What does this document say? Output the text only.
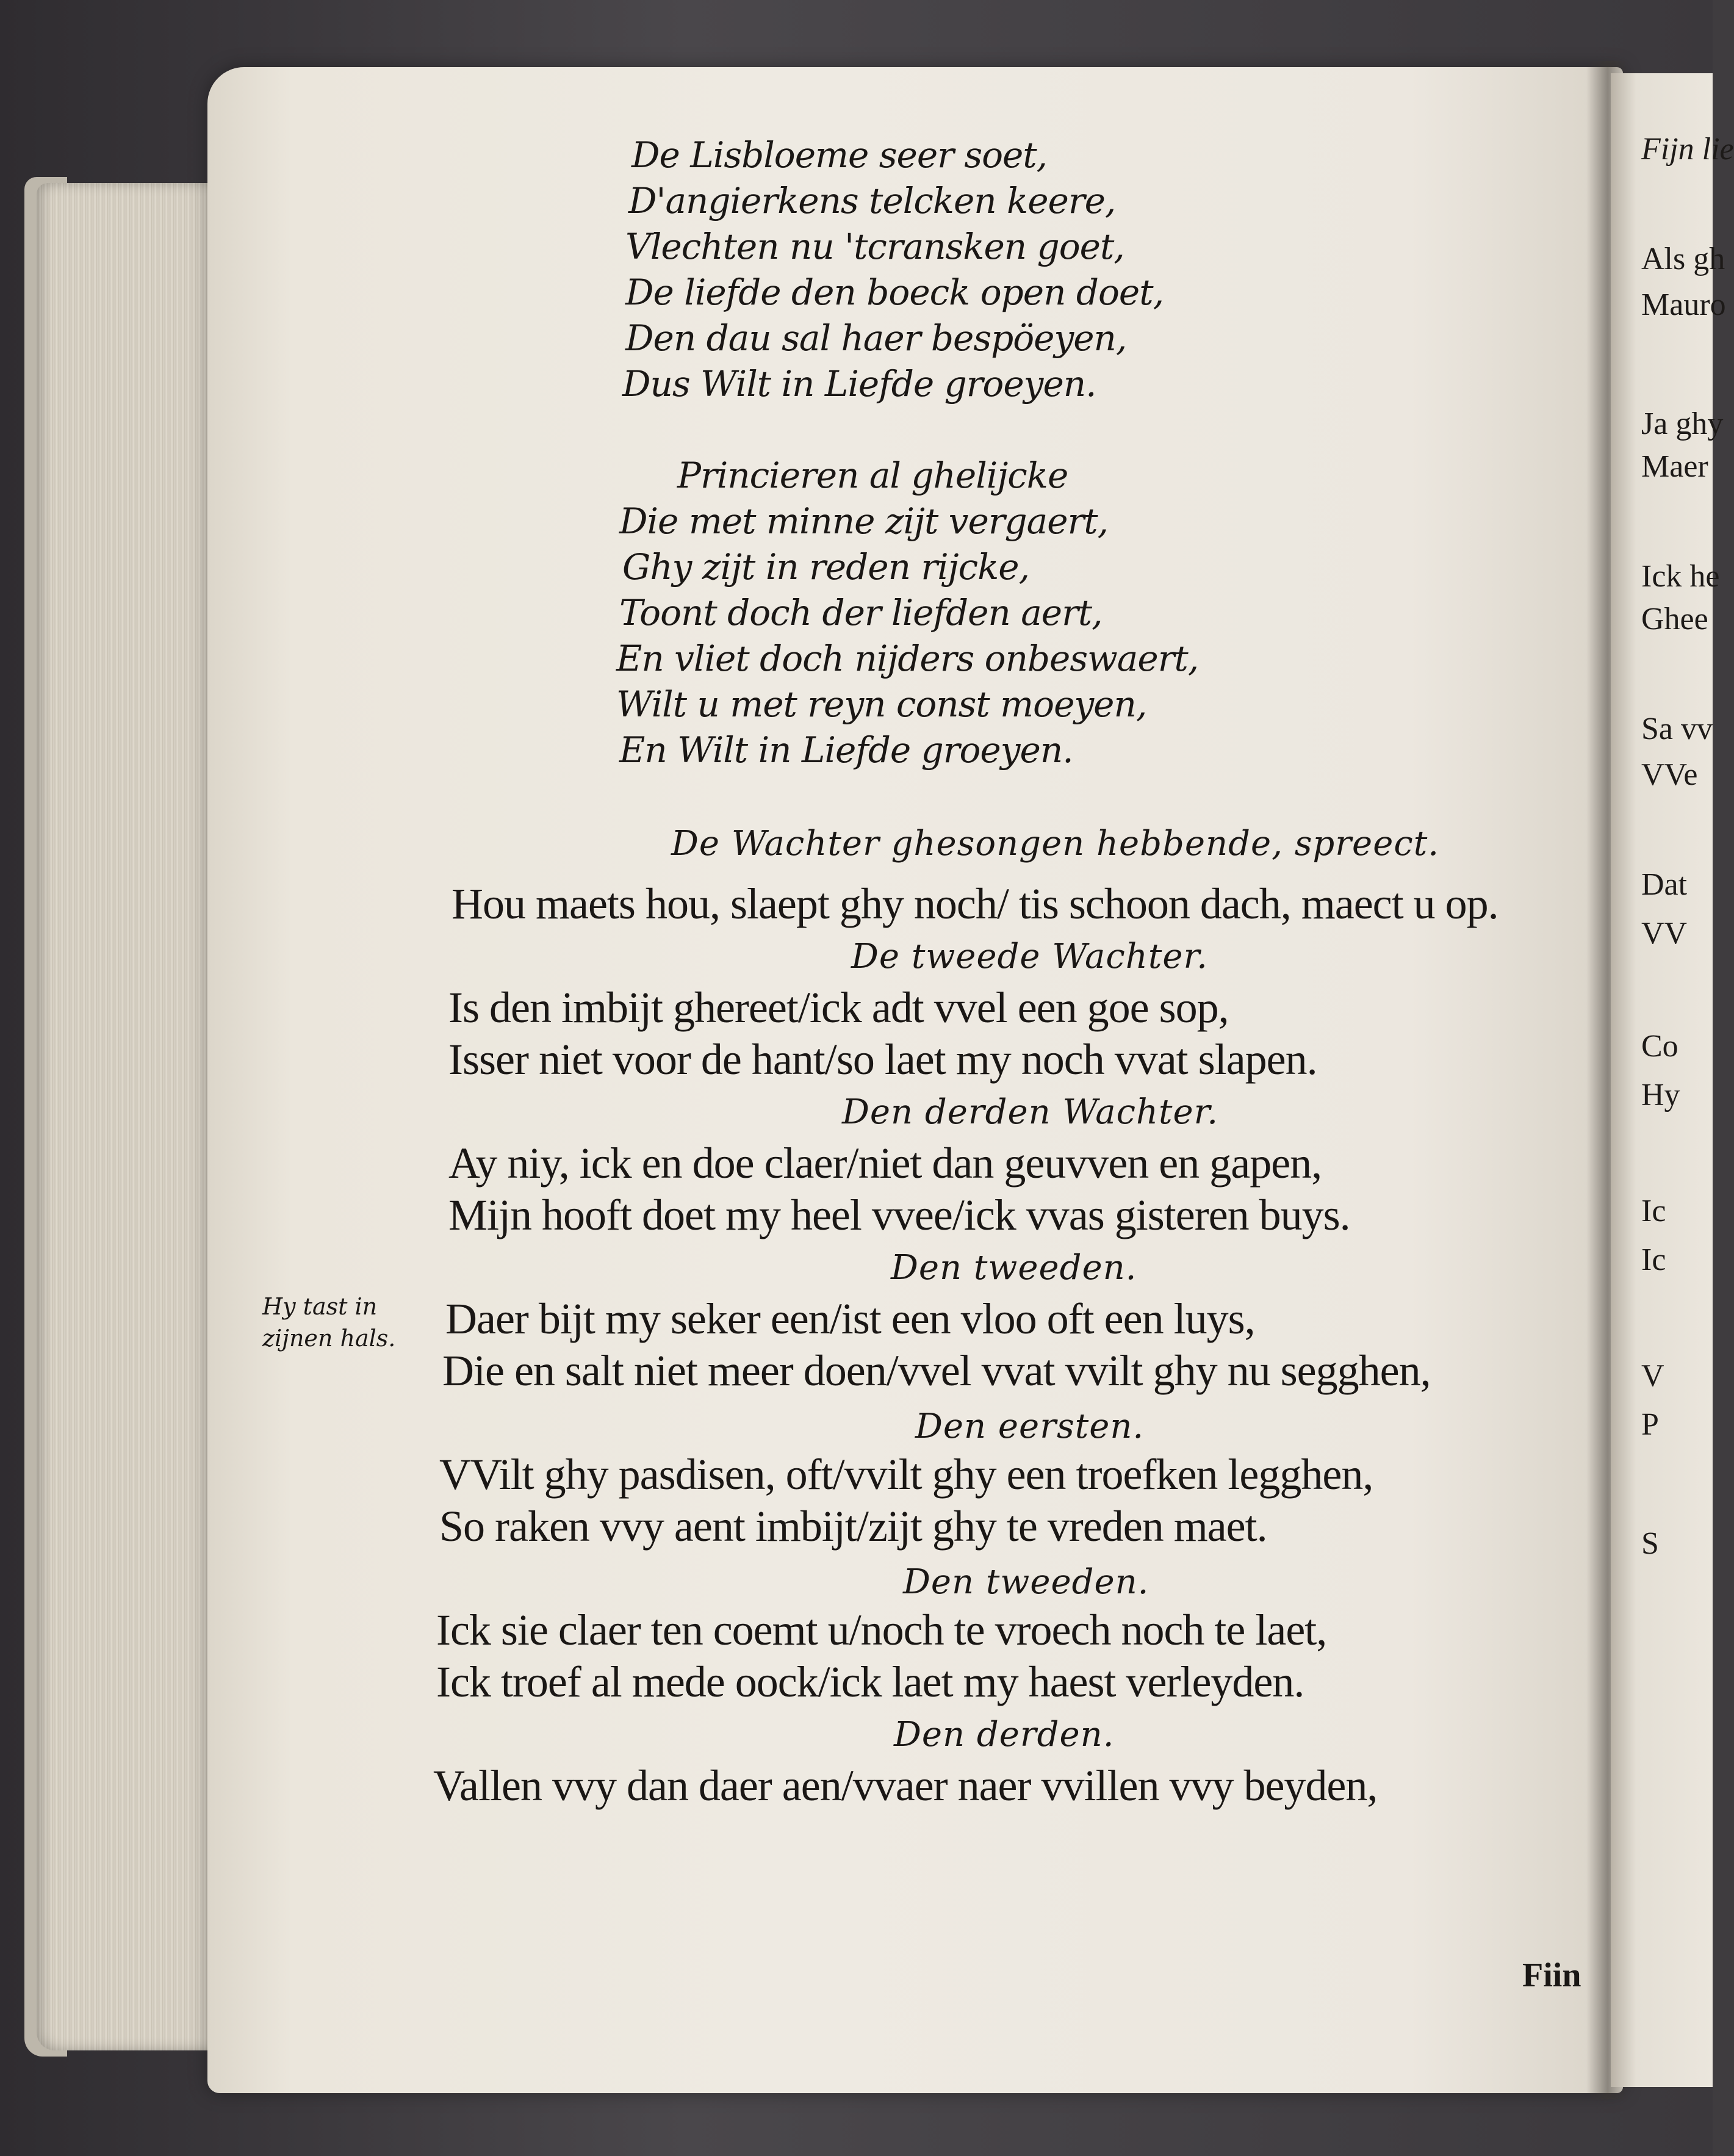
De Lisbloeme seer soet,
D'angierkens telcken keere,
Vlechten nu 'tcransken goet,
De liefde den boeck open doet,
Den dau sal haer bespöeyen,
Dus Wilt in Liefde groeyen.
Princieren al ghelijcke
Die met minne zijt vergaert,
Ghy zijt in reden rijcke,
Toont doch der liefden aert,
En vliet doch nijders onbeswaert,
Wilt u met reyn const moeyen,
En Wilt in Liefde groeyen.
De Wachter ghesongen hebbende, spreect.
Hou maets hou, slaept ghy noch/ tis schoon dach, maect u op.
De tweede Wachter.
Is den imbijt ghereet/ick adt vvel een goe sop,
Isser niet voor de hant/so laet my noch vvat slapen.
Den derden Wachter.
Ay niy, ick en doe claer/niet dan geuvven en gapen,
Mijn hooft doet my heel vvee/ick vvas gisteren buys.
Den tweeden.
Hy tast in
zijnen hals. Daer bijt my seker een/ist een vloo oft een luys,
Die en salt niet meer doen/vvel vvat vvilt ghy nu segghen,
Den eersten.
VVilt ghy pasdisen, oft/vvilt ghy een troefken legghen,
So raken vvy aent imbijt/zijt ghy te vreden maet.
Den tweeden.
Ick sie claer ten coemt u/noch te vroech noch te laet,
Ick troef al mede oock/ick laet my haest verleyden.
Den derden.
Vallen vvy dan daer aen/vvaer naer vvillen vvy beyden,
Fiin
Fijn lie
Als gh
Mauro
Ja ghy
Maer
Ick he
Ghee
Sa vv
VVe
Dat
VV
Co
Hy
Ic
Ic
V
P
S
